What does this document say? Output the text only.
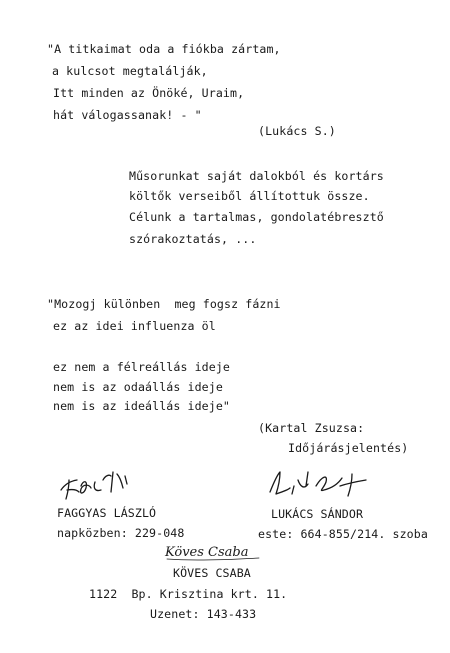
"A titkaimat oda a fiókba zártam,
a kulcsot megtalálják,
Itt minden az Önöké, Uraim,
hát válogassanak! - "
(Lukács S.)
Műsorunkat saját dalokból és kortárs
költők verseiből állítottuk össze.
Célunk a tartalmas, gondolatébresztő
szórakoztatás, ...
"Mozogj különben  meg fogsz fázni
ez az idei influenza öl
ez nem a félreállás ideje
nem is az odaállás ideje
nem is az ideállás ideje"
(Kartal Zsuzsa:
Időjárásjelentés)
FAGGYAS LÁSZLÓ	LUKÁCS SÁNDOR
napközben: 229-048	este: 664-855/214. szoba
Köves Csaba
KÖVES CSABA
1122  Bp. Krisztina krt. 11.
Uzenet: 143-433
